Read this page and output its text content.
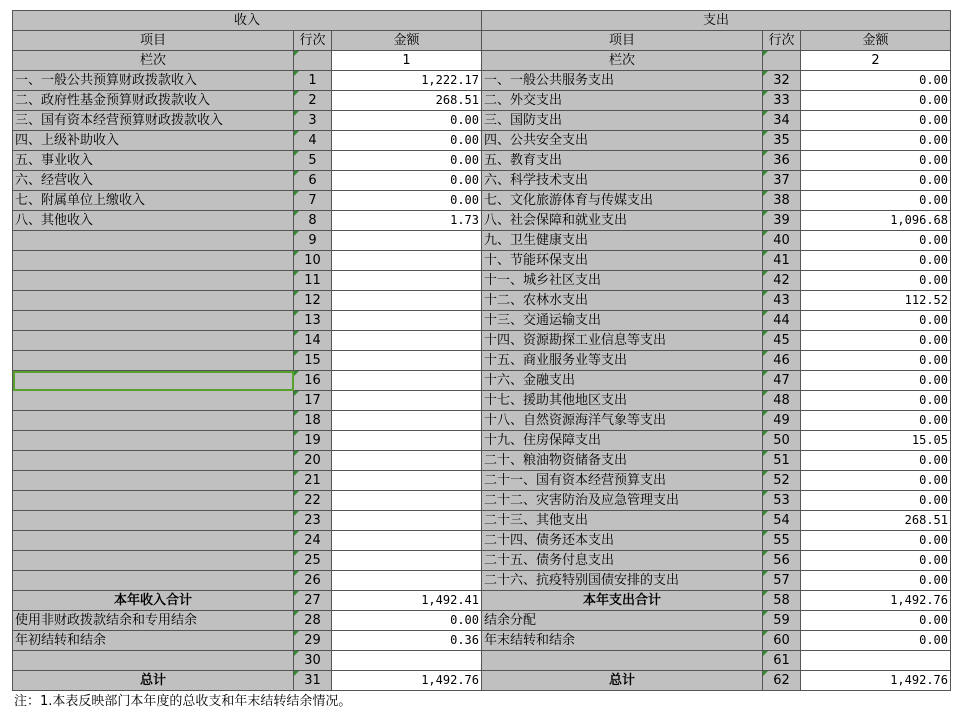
收入			支出		
项目	行次	金额	项目	行次	金额
栏次		1	栏次		2
一、一般公共预算财政拨款收入	1	1,222.17	一、一般公共服务支出	32	0.00
二、政府性基金预算财政拨款收入	2	268.51	二、外交支出	33	0.00
三、国有资本经营预算财政拨款收入	3	0.00	三、国防支出	34	0.00
四、上级补助收入	4	0.00	四、公共安全支出	35	0.00
五、事业收入	5	0.00	五、教育支出	36	0.00
六、经营收入	6	0.00	六、科学技术支出	37	0.00
七、附属单位上缴收入	7	0.00	七、文化旅游体育与传媒支出	38	0.00
八、其他收入	8	1.73	八、社会保障和就业支出	39	1,096.68
	9		九、卫生健康支出	40	0.00
	10		十、节能环保支出	41	0.00
	11		十一、城乡社区支出	42	0.00
	12		十二、农林水支出	43	112.52
	13		十三、交通运输支出	44	0.00
	14		十四、资源勘探工业信息等支出	45	0.00
	15		十五、商业服务业等支出	46	0.00
	16		十六、金融支出	47	0.00
	17		十七、援助其他地区支出	48	0.00
	18		十八、自然资源海洋气象等支出	49	0.00
	19		十九、住房保障支出	50	15.05
	20		二十、粮油物资储备支出	51	0.00
	21		二十一、国有资本经营预算支出	52	0.00
	22		二十二、灾害防治及应急管理支出	53	0.00
	23		二十三、其他支出	54	268.51
	24		二十四、债务还本支出	55	0.00
	25		二十五、债务付息支出	56	0.00
	26		二十六、抗疫特别国债安排的支出	57	0.00
本年收入合计	27	1,492.41	本年支出合计	58	1,492.76
使用非财政拨款结余和专用结余	28	0.00	结余分配	59	0.00
年初结转和结余	29	0.36	年末结转和结余	60	0.00
	30			61	
总计	31	1,492.76	总计	62	1,492.76
注：1.本表反映部门本年度的总收支和年末结转结余情况。
